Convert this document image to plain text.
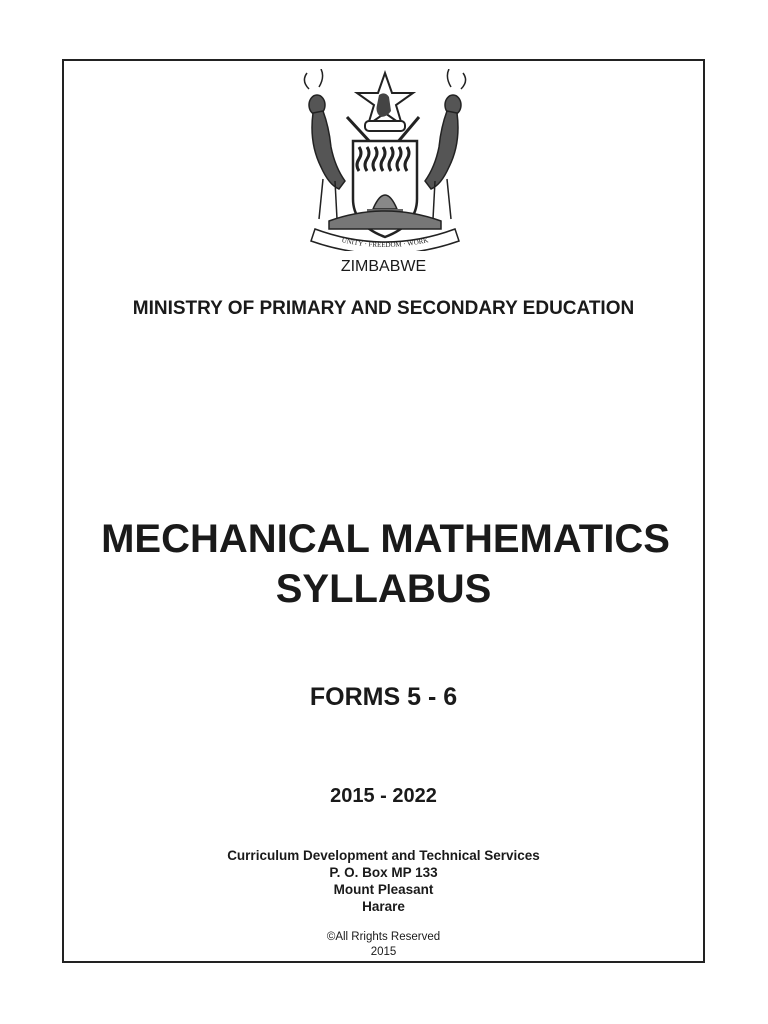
UNITY · FREEDOM · WORK
ZIMBABWE
MINISTRY OF PRIMARY AND SECONDARY EDUCATION
MECHANICAL MATHEMATICS
SYLLABUS
FORMS 5 - 6
2015 - 2022
Curriculum Development and Technical Services
P. O. Box MP 133
Mount Pleasant
Harare
©All Rrights Reserved
2015
